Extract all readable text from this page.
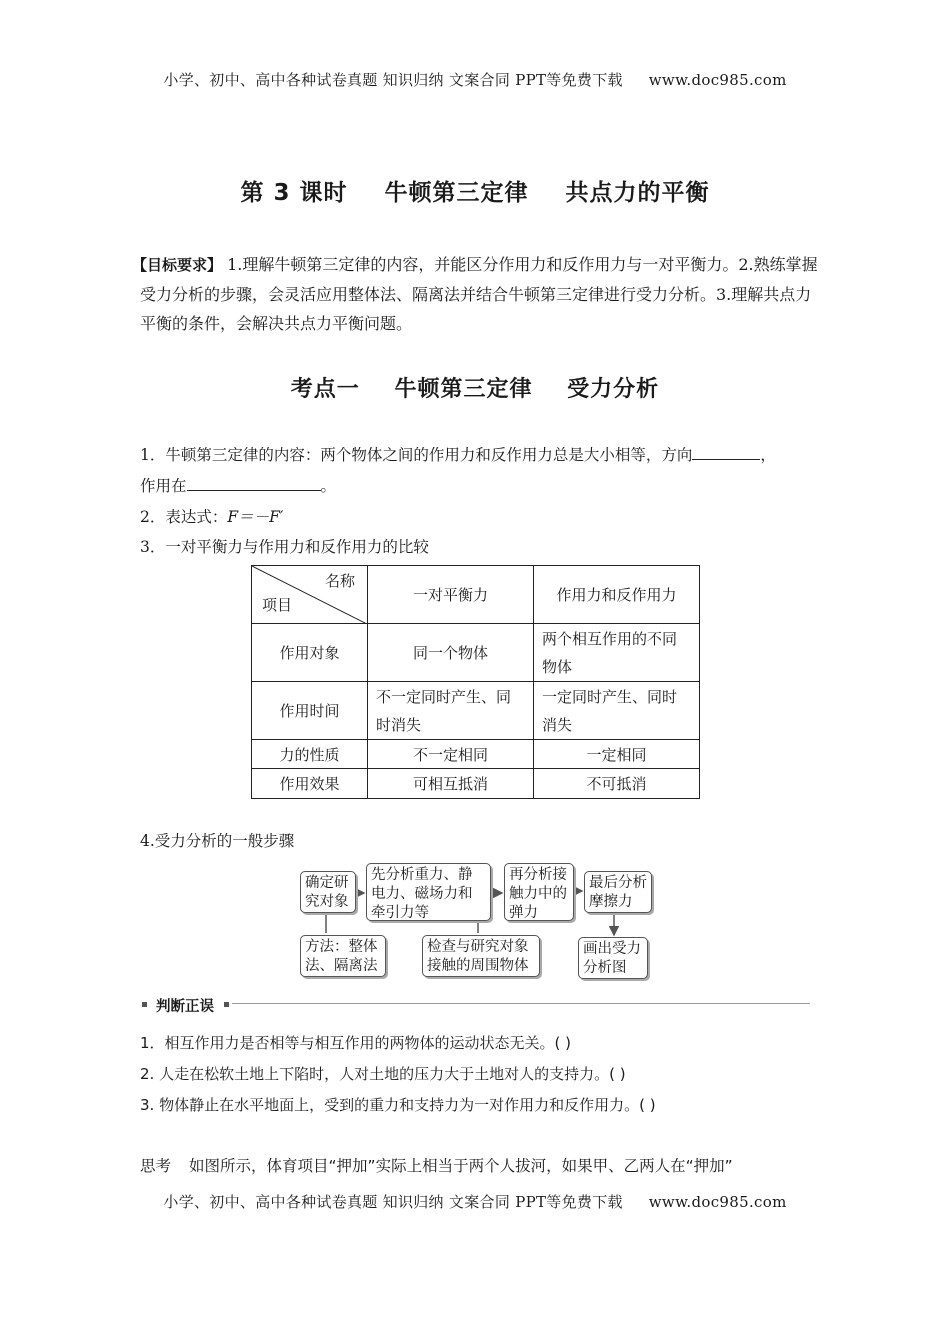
小学、初中、高中各种试卷真题 知识归纳 文案合同 PPT等免费下载 www.doc985.com
第 3 课时 牛顿第三定律 共点力的平衡
【目标要求】 1.理解牛顿第三定律的内容，并能区分作用力和反作用力与一对平衡力。2.熟练掌握受力分析的步骤，会灵活应用整体法、隔离法并结合牛顿第三定律进行受力分析。3.理解共点力平衡的条件，会解决共点力平衡问题。
考点一 牛顿第三定律 受力分析
1．牛顿第三定律的内容：两个物体之间的作用力和反作用力总是大小相等，方向	，
作用在	。
2．表达式：F＝－F′
3．一对平衡力与作用力和反作用力的比较
名称
项目	一对平衡力	作用力和反作用力
作用对象	同一个物体	两个相互作用的不同物体
作用时间	不一定同时产生、同时消失	一定同时产生、同时消失
力的性质	不一定相同	一定相同
作用效果	可相互抵消	不可抵消
4.受力分析的一般步骤
确定研究对象
先分析重力、静电力、磁场力和牵引力等
再分析接触力中的弹力
最后分析摩擦力
方法：整体法、隔离法
检查与研究对象接触的周围物体
画出受力分析图
判断正误
1．相互作用力是否相等与相互作用的两物体的运动状态无关。( )
2. 人走在松软土地上下陷时，人对土地的压力大于土地对人的支持力。( )
3. 物体静止在水平地面上，受到的重力和支持力为一对作用力和反作用力。( )
思考 如图所示，体育项目“押加”实际上相当于两个人拔河，如果甲、乙两人在“押加”
小学、初中、高中各种试卷真题 知识归纳 文案合同 PPT等免费下载 www.doc985.com
